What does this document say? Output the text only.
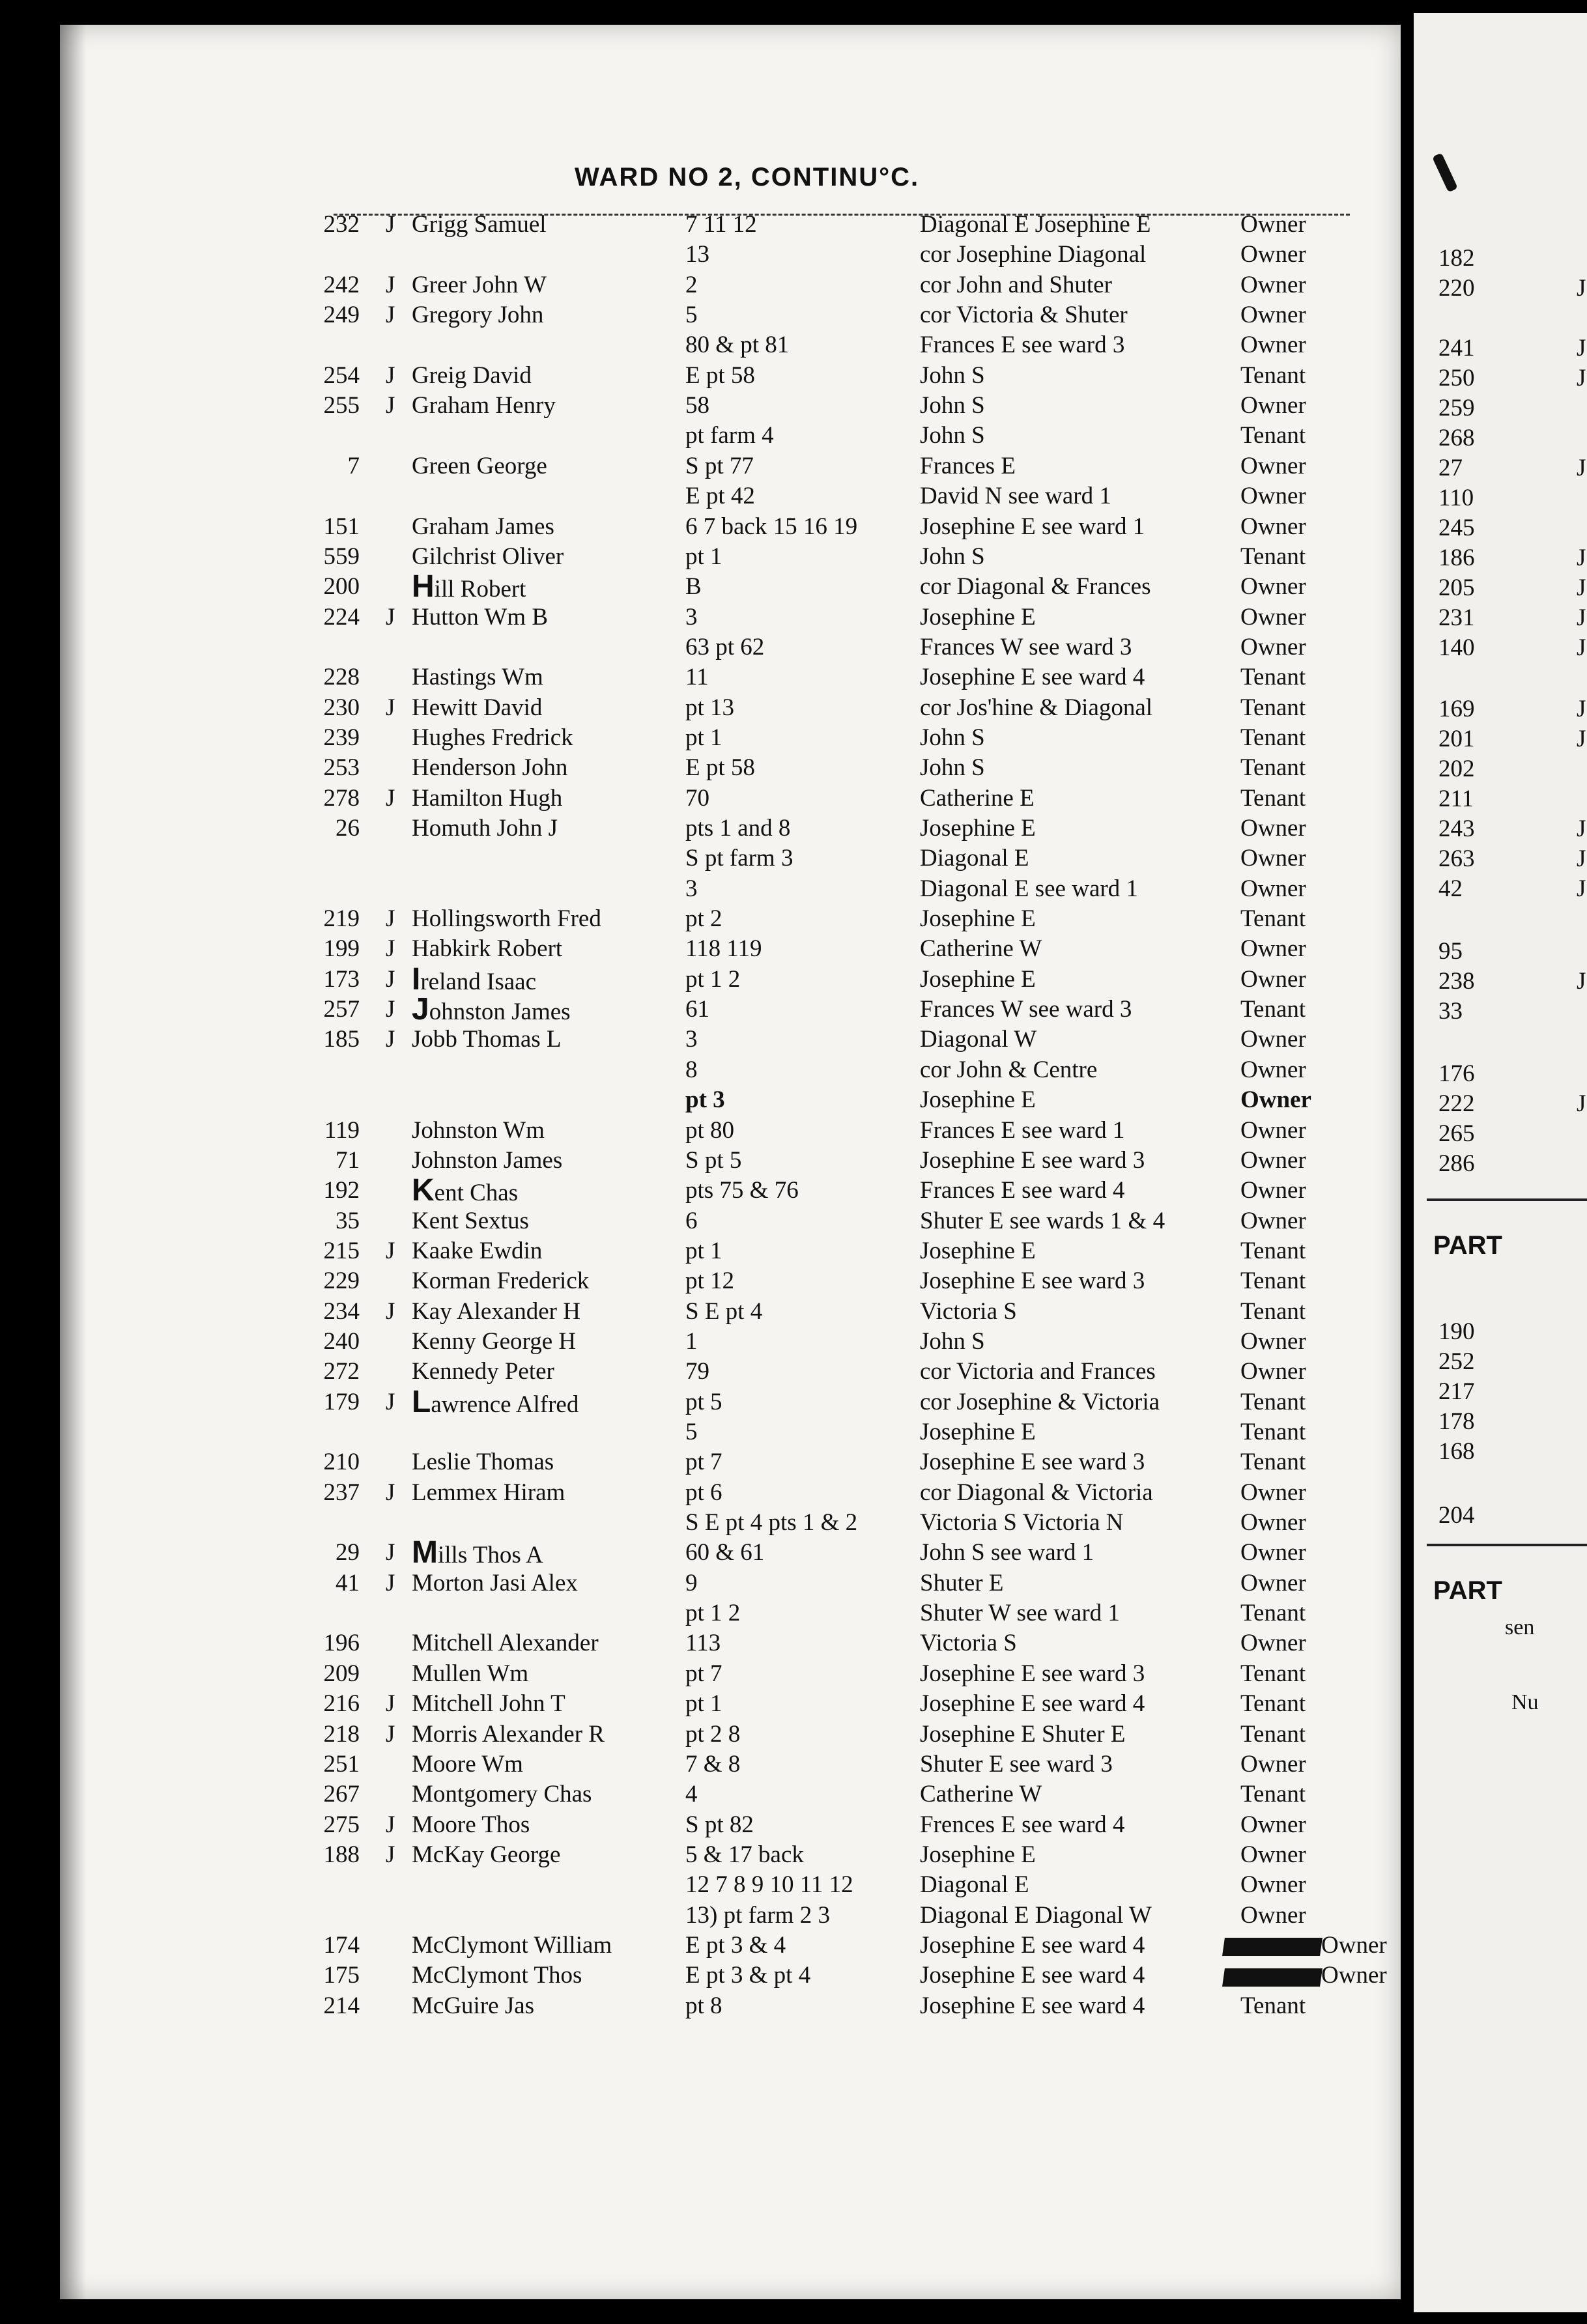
WARD NO 2, CONTINU°C.
232 J Grigg Samuel	7 11 12	Diagonal E Josephine E	Owner
13	cor Josephine Diagonal	Owner
242 J Greer John W	2	cor John and Shuter	Owner
249 J Gregory John	5	cor Victoria & Shuter	Owner
80 & pt 81	Frances E see ward 3	Owner
254 J Greig David	E pt 58	John S	Tenant
255 J Graham Henry	58	John S	Owner
pt farm 4	John S	Tenant
7 Green George	S pt 77	Frances E	Owner
E pt 42	David N see ward 1	Owner
151 Graham James	6 7 back 15 16 19	Josephine E see ward 1	Owner
559 Gilchrist Oliver	pt 1	John S	Tenant
200 Hill Robert	B	cor Diagonal & Frances	Owner
224 J Hutton Wm B	3	Josephine E	Owner
63 pt 62	Frances W see ward 3	Owner
228 Hastings Wm	11	Josephine E see ward 4	Tenant
230 J Hewitt David	pt 13	cor Jos'hine & Diagonal	Tenant
239 Hughes Fredrick	pt 1	John S	Tenant
253 Henderson John	E pt 58	John S	Tenant
278 J Hamilton Hugh	70	Catherine E	Tenant
26 Homuth John J	pts 1 and 8	Josephine E	Owner
S pt farm 3	Diagonal E	Owner
3	Diagonal E see ward 1	Owner
219 J Hollingsworth Fred	pt 2	Josephine E	Tenant
199 J Habkirk Robert	118 119	Catherine W	Owner
173 J Ireland Isaac	pt 1 2	Josephine E	Owner
257 J Johnston James	61	Frances W see ward 3	Tenant
185 J Jobb Thomas L	3	Diagonal W	Owner
8	cor John & Centre	Owner
pt 3	Josephine E	Owner
119 Johnston Wm	pt 80	Frances E see ward 1	Owner
71 Johnston James	S pt 5	Josephine E see ward 3	Owner
192 Kent Chas	pts 75 & 76	Frances E see ward 4	Owner
35 Kent Sextus	6	Shuter E see wards 1 & 4	Owner
215 J Kaake Ewdin	pt 1	Josephine E	Tenant
229 Korman Frederick	pt 12	Josephine E see ward 3	Tenant
234 J Kay Alexander H	S E pt 4	Victoria S	Tenant
240 Kenny George H	1	John S	Owner
272 Kennedy Peter	79	cor Victoria and Frances	Owner
179 J Lawrence Alfred	pt 5	cor Josephine & Victoria	Tenant
5	Josephine E	Tenant
210 Leslie Thomas	pt 7	Josephine E see ward 3	Tenant
237 J Lemmex Hiram	pt 6	cor Diagonal & Victoria	Owner
S E pt 4 pts 1 & 2	Victoria S Victoria N	Owner
29 J Mills Thos A	60 & 61	John S see ward 1	Owner
41 J Morton Jasi Alex	9	Shuter E	Owner
pt 1 2	Shuter W see ward 1	Tenant
196 Mitchell Alexander	113	Victoria S	Owner
209 Mullen Wm	pt 7	Josephine E see ward 3	Tenant
216 J Mitchell John T	pt 1	Josephine E see ward 4	Tenant
218 J Morris Alexander R	pt 2 8	Josephine E Shuter E	Tenant
251 Moore Wm	7 & 8	Shuter E see ward 3	Owner
267 Montgomery Chas	4	Catherine W	Tenant
275 J Moore Thos	S pt 82	Frences E see ward 4	Owner
188 J McKay George	5 & 17 back	Josephine E	Owner
12 7 8 9 10 11 12	Diagonal E	Owner
13) pt farm 2 3	Diagonal E Diagonal W	Owner
174 McClymont William	E pt 3 & 4	Josephine E see ward 4	Owner
175 McClymont Thos	E pt 3 & pt 4	Josephine E see ward 4	Owner
214 McGuire Jas	pt 8	Josephine E see ward 4	Tenant
182
220	J
241	J
250	J
259
268
27	J
110
245
186	J
205	J
231	J
140	J
169	J
201	J
202
211
243	J
263	J
42	J
95
238	J
33
176
222	J
265
286
PART
190
252
217
178
168
204
PART
sen
Nu
